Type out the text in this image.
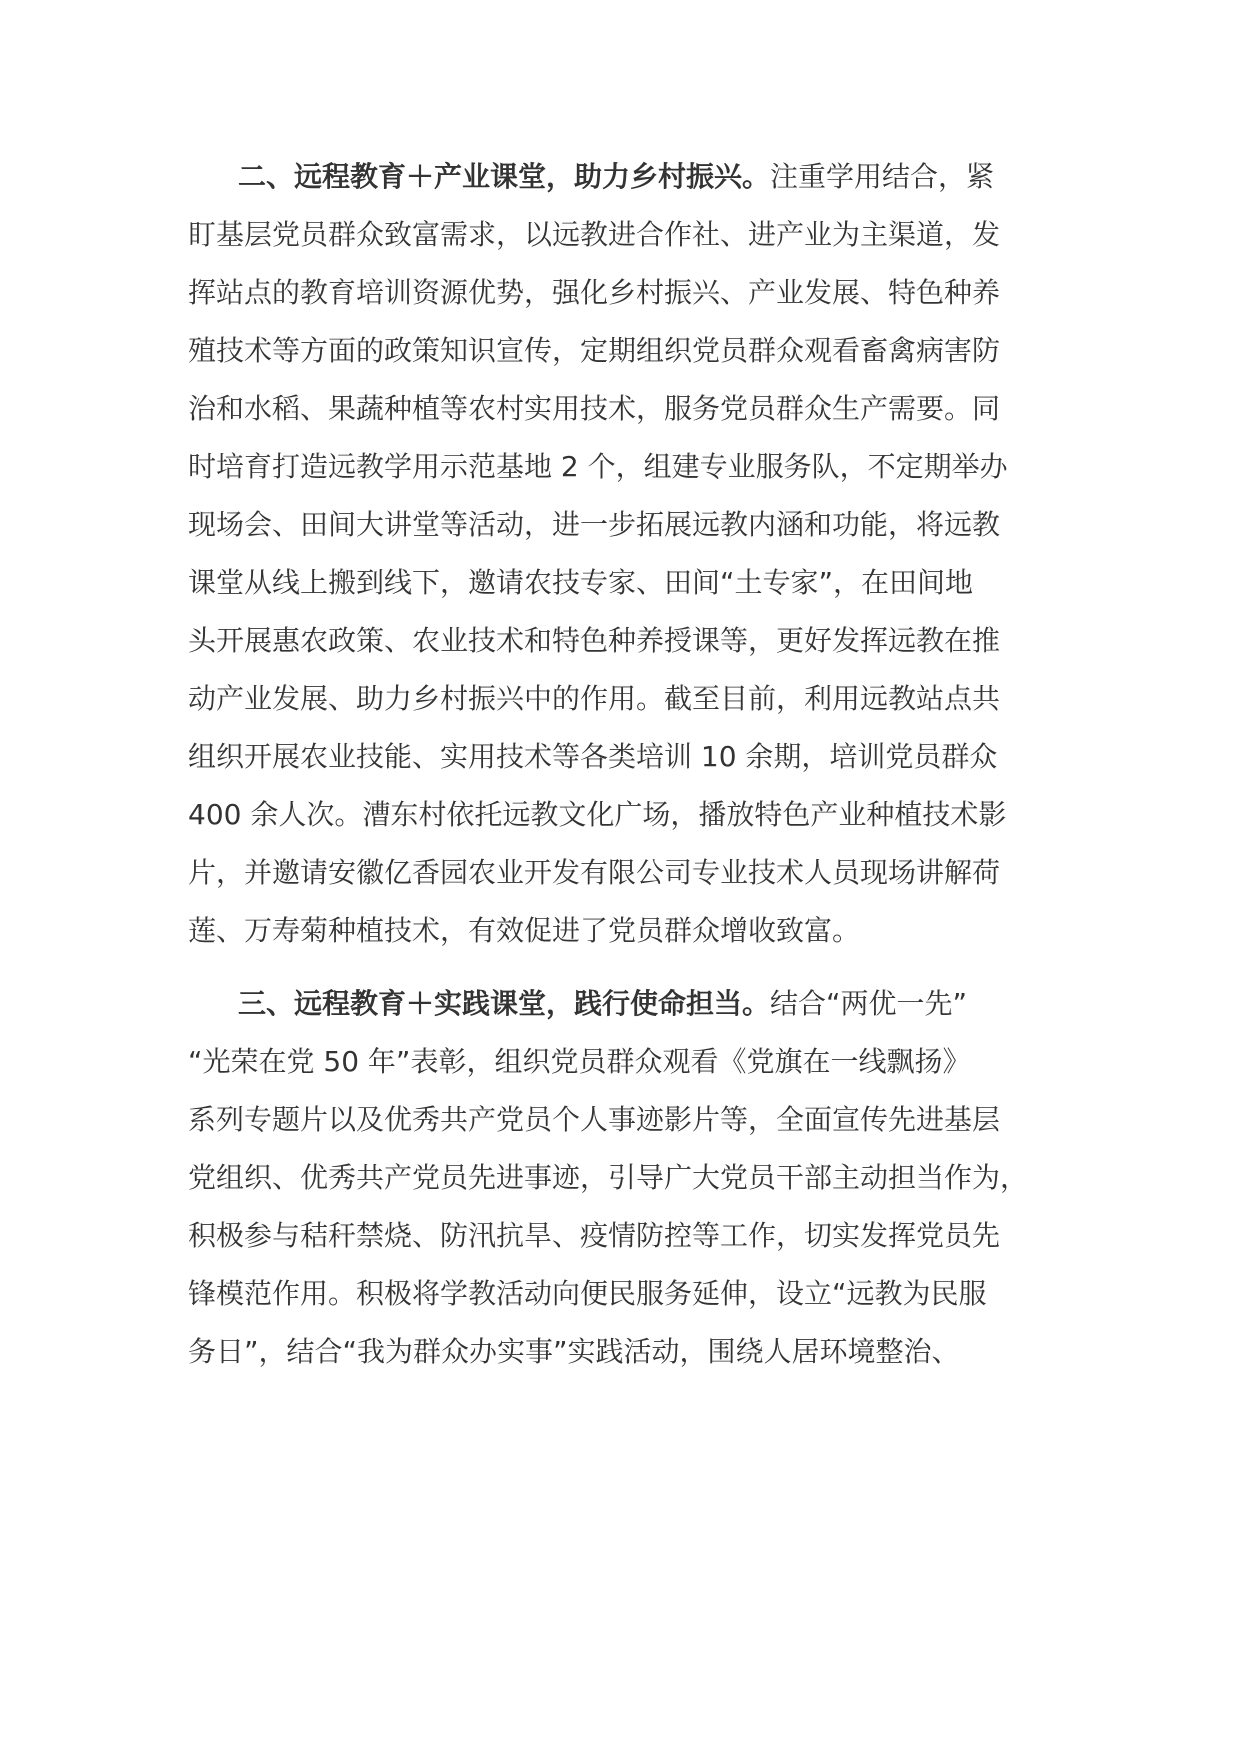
二、远程教育＋产业课堂，助力乡村振兴。注重学用结合，紧
盯基层党员群众致富需求，以远教进合作社、进产业为主渠道，发
挥站点的教育培训资源优势，强化乡村振兴、产业发展、特色种养
殖技术等方面的政策知识宣传，定期组织党员群众观看畜禽病害防
治和水稻、果蔬种植等农村实用技术，服务党员群众生产需要。同
时培育打造远教学用示范基地 2 个，组建专业服务队，不定期举办
现场会、田间大讲堂等活动，进一步拓展远教内涵和功能，将远教
课堂从线上搬到线下，邀请农技专家、田间“土专家”，在田间地
头开展惠农政策、农业技术和特色种养授课等，更好发挥远教在推
动产业发展、助力乡村振兴中的作用。截至目前，利用远教站点共
组织开展农业技能、实用技术等各类培训 10 余期，培训党员群众
400 余人次。漕东村依托远教文化广场，播放特色产业种植技术影
片，并邀请安徽亿香园农业开发有限公司专业技术人员现场讲解荷
莲、万寿菊种植技术，有效促进了党员群众增收致富。
三、远程教育＋实践课堂，践行使命担当。结合“两优一先”
“光荣在党 50 年”表彰，组织党员群众观看《党旗在一线飘扬》
系列专题片以及优秀共产党员个人事迹影片等，全面宣传先进基层
党组织、优秀共产党员先进事迹，引导广大党员干部主动担当作为，
积极参与秸秆禁烧、防汛抗旱、疫情防控等工作，切实发挥党员先
锋模范作用。积极将学教活动向便民服务延伸，设立“远教为民服
务日”，结合“我为群众办实事”实践活动，围绕人居环境整治、
